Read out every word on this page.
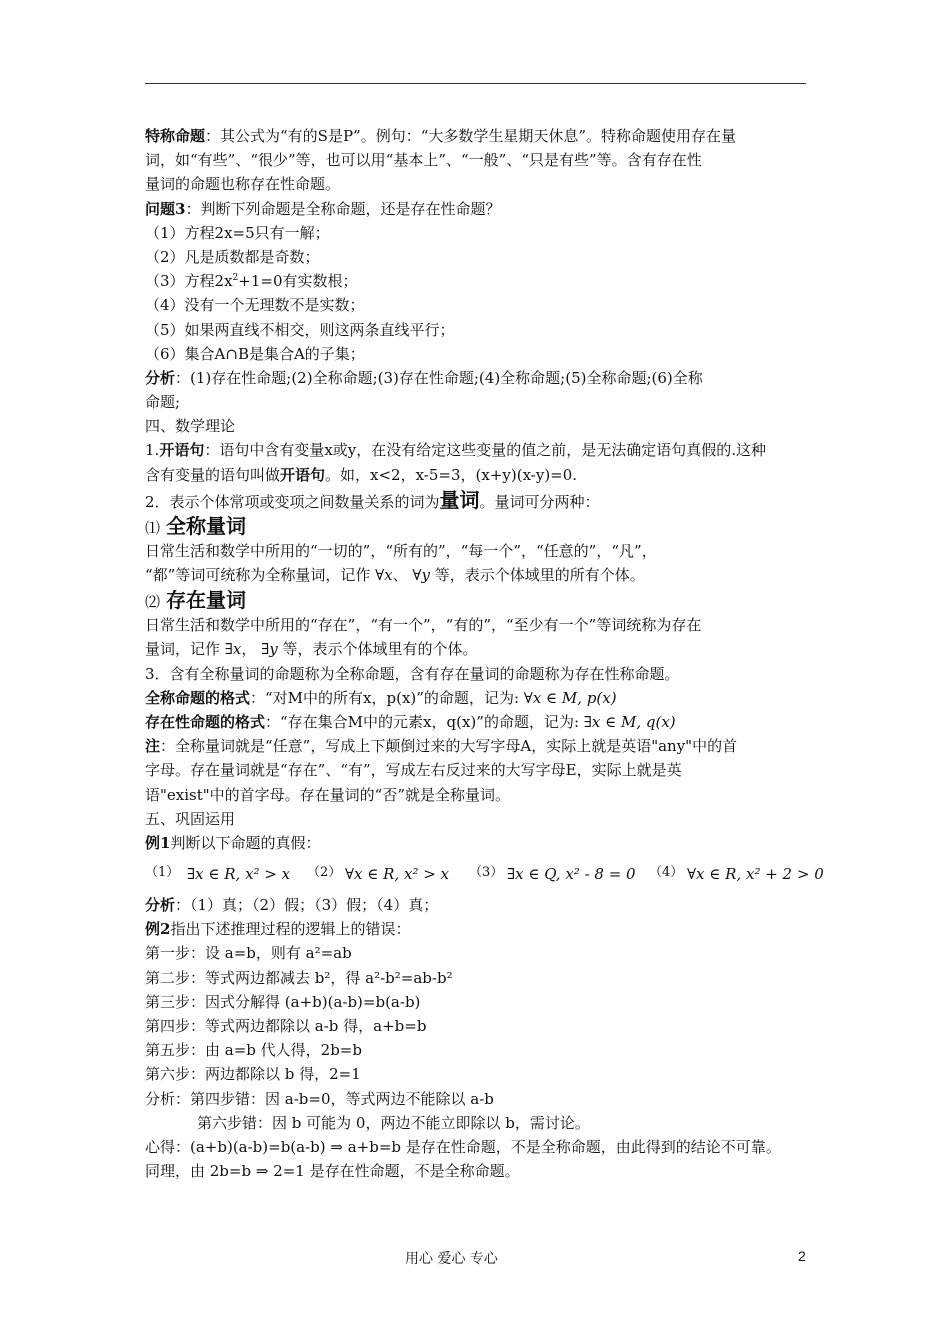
特称命题：其公式为“有的S是P”。例句：“大多数学生星期天休息”。特称命题使用存在量
词，如“有些”、“很少”等，也可以用“基本上”、“一般”、“只是有些”等。含有存在性
量词的命题也称存在性命题。
问题3：判断下列命题是全称命题，还是存在性命题？
（1）方程2x=5只有一解；
（2）凡是质数都是奇数；
（3）方程$2x^2+1=0$有实数根；
（4）没有一个无理数不是实数；
（5）如果两直线不相交，则这两条直线平行；
（6）集合A∩B是集合A的子集；
分析：(1)存在性命题;(2)全称命题;(3)存在性命题;(4)全称命题;(5)全称命题;(6)全称
命题;
四、数学理论
1.开语句：语句中含有变量x或y，在没有给定这些变量的值之前，是无法确定语句真假的.这种
含有变量的语句叫做开语句。如，x<2，x-5=3，(x+y)(x-y)=0.
2．表示个体常项或变项之间数量关系的词为量词。量词可分两种：
⑴ 全称量词
日常生活和数学中所用的“一切的”，“所有的”，“每一个”，“任意的”，“凡”，
“都”等词可统称为全称量词，记作 ∀x、 ∀y 等，表示个体域里的所有个体。
⑵ 存在量词
日常生活和数学中所用的“存在”，“有一个”，“有的”，“至少有一个”等词统称为存在
量词，记作 ∃x， ∃y 等，表示个体域里有的个体。
3．含有全称量词的命题称为全称命题，含有存在量词的命题称为存在性称命题。
全称命题的格式：“对M中的所有x，p(x)”的命题，记为: ∀x ∈ M, p(x)
存在性命题的格式：“存在集合M中的元素x，q(x)”的命题，记为: ∃x ∈ M, q(x)
注：全称量词就是“任意”，写成上下颠倒过来的大写字母A，实际上就是英语"any"中的首
字母。存在量词就是“存在”、“有”，写成左右反过来的大写字母E，实际上就是英
语"exist"中的首字母。存在量词的“否”就是全称量词。
五、巩固运用
例1判断以下命题的真假：
（1） ∃x ∈ R, x² > x （2） ∀x ∈ R, x² > x （3） ∃x ∈ Q, x² - 8 = 0 （4） ∀x ∈ R, x² + 2 > 0
分析：（1）真；（2）假；（3）假；（4）真；
例2指出下述推理过程的逻辑上的错误：
第一步：设 a=b，则有 a²=ab
第二步：等式两边都减去 b²，得 a²-b²=ab-b²
第三步：因式分解得 (a+b)(a-b)=b(a-b)
第四步：等式两边都除以 a-b 得，a+b=b
第五步：由 a=b 代人得，2b=b
第六步：两边都除以 b 得，2=1
分析：第四步错：因 a-b=0，等式两边不能除以 a-b
第六步错：因 b 可能为 0，两边不能立即除以 b，需讨论。
心得：(a+b)(a-b)=b(a-b) ⇒ a+b=b 是存在性命题，不是全称命题，由此得到的结论不可靠。
同理，由 2b=b ⇒ 2=1 是存在性命题，不是全称命题。
用心 爱心 专心	2
